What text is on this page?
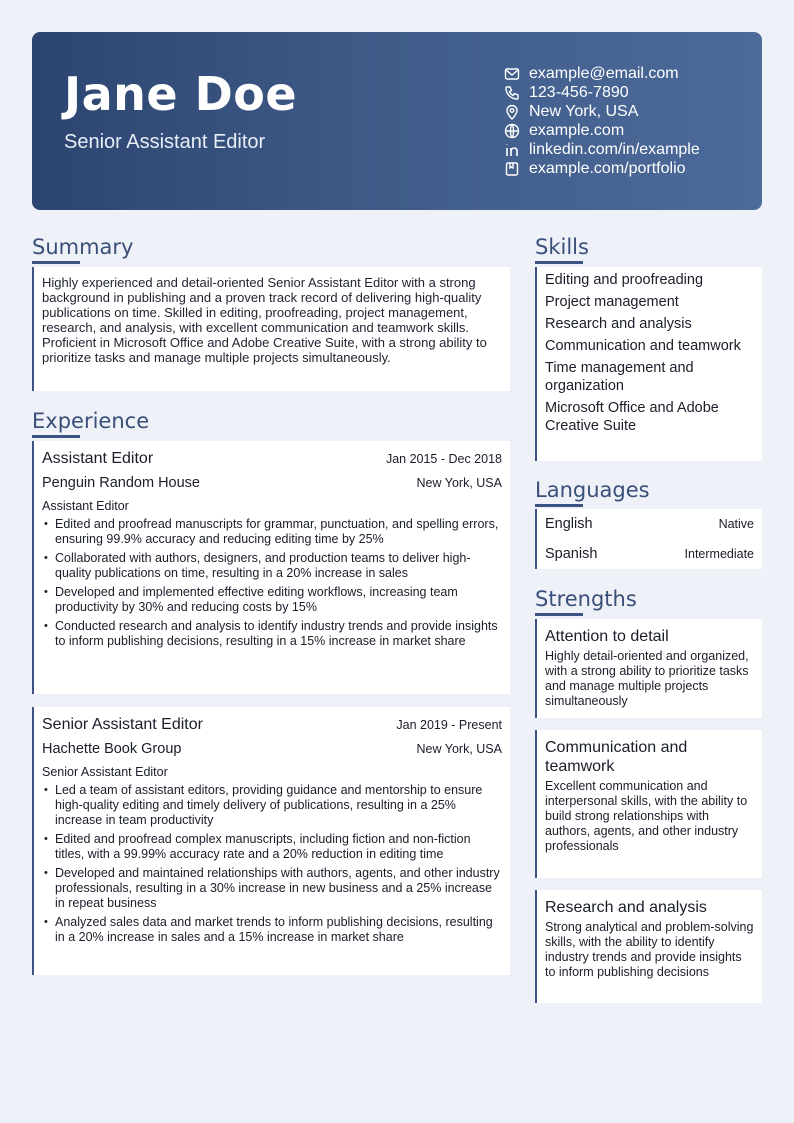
Jane Doe
Senior Assistant Editor
example@email.com
123-456-7890
New York, USA
example.com
linkedin.com/in/example
example.com/portfolio
Summary

Highly experienced and detail-oriented Senior Assistant Editor with a strong background in publishing and a proven track record of delivering high-quality publications on time. Skilled in editing, proofreading, project management, research, and analysis, with excellent communication and teamwork skills. Proficient in Microsoft Office and Adobe Creative Suite, with a strong ability to prioritize tasks and manage multiple projects simultaneously.

Experience
Assistant Editor	Jan 2015 - Dec 2018
Penguin Random House	New York, USA
Assistant Editor
• Edited and proofread manuscripts for grammar, punctuation, and spelling errors, ensuring 99.9% accuracy and reducing editing time by 25%
• Collaborated with authors, designers, and production teams to deliver high-quality publications on time, resulting in a 20% increase in sales
• Developed and implemented effective editing workflows, increasing team productivity by 30% and reducing costs by 15%
• Conducted research and analysis to identify industry trends and provide insights to inform publishing decisions, resulting in a 15% increase in market share
Senior Assistant Editor	Jan 2019 - Present
Hachette Book Group	New York, USA
Senior Assistant Editor
• Led a team of assistant editors, providing guidance and mentorship to ensure high-quality editing and timely delivery of publications, resulting in a 25% increase in team productivity
• Edited and proofread complex manuscripts, including fiction and non-fiction titles, with a 99.99% accuracy rate and a 20% reduction in editing time
• Developed and maintained relationships with authors, agents, and other industry professionals, resulting in a 30% increase in new business and a 25% increase in repeat business
• Analyzed sales data and market trends to inform publishing decisions, resulting in a 20% increase in sales and a 15% increase in market share
Skills
Editing and proofreading
Project management
Research and analysis
Communication and teamwork
Time management and organization
Microsoft Office and Adobe Creative Suite
Languages
English	Native
Spanish	Intermediate
Strengths
Attention to detail
Highly detail-oriented and organized, with a strong ability to prioritize tasks and manage multiple projects simultaneously
Communication and teamwork
Excellent communication and interpersonal skills, with the ability to build strong relationships with authors, agents, and other industry professionals
Research and analysis
Strong analytical and problem-solving skills, with the ability to identify industry trends and provide insights to inform publishing decisions
